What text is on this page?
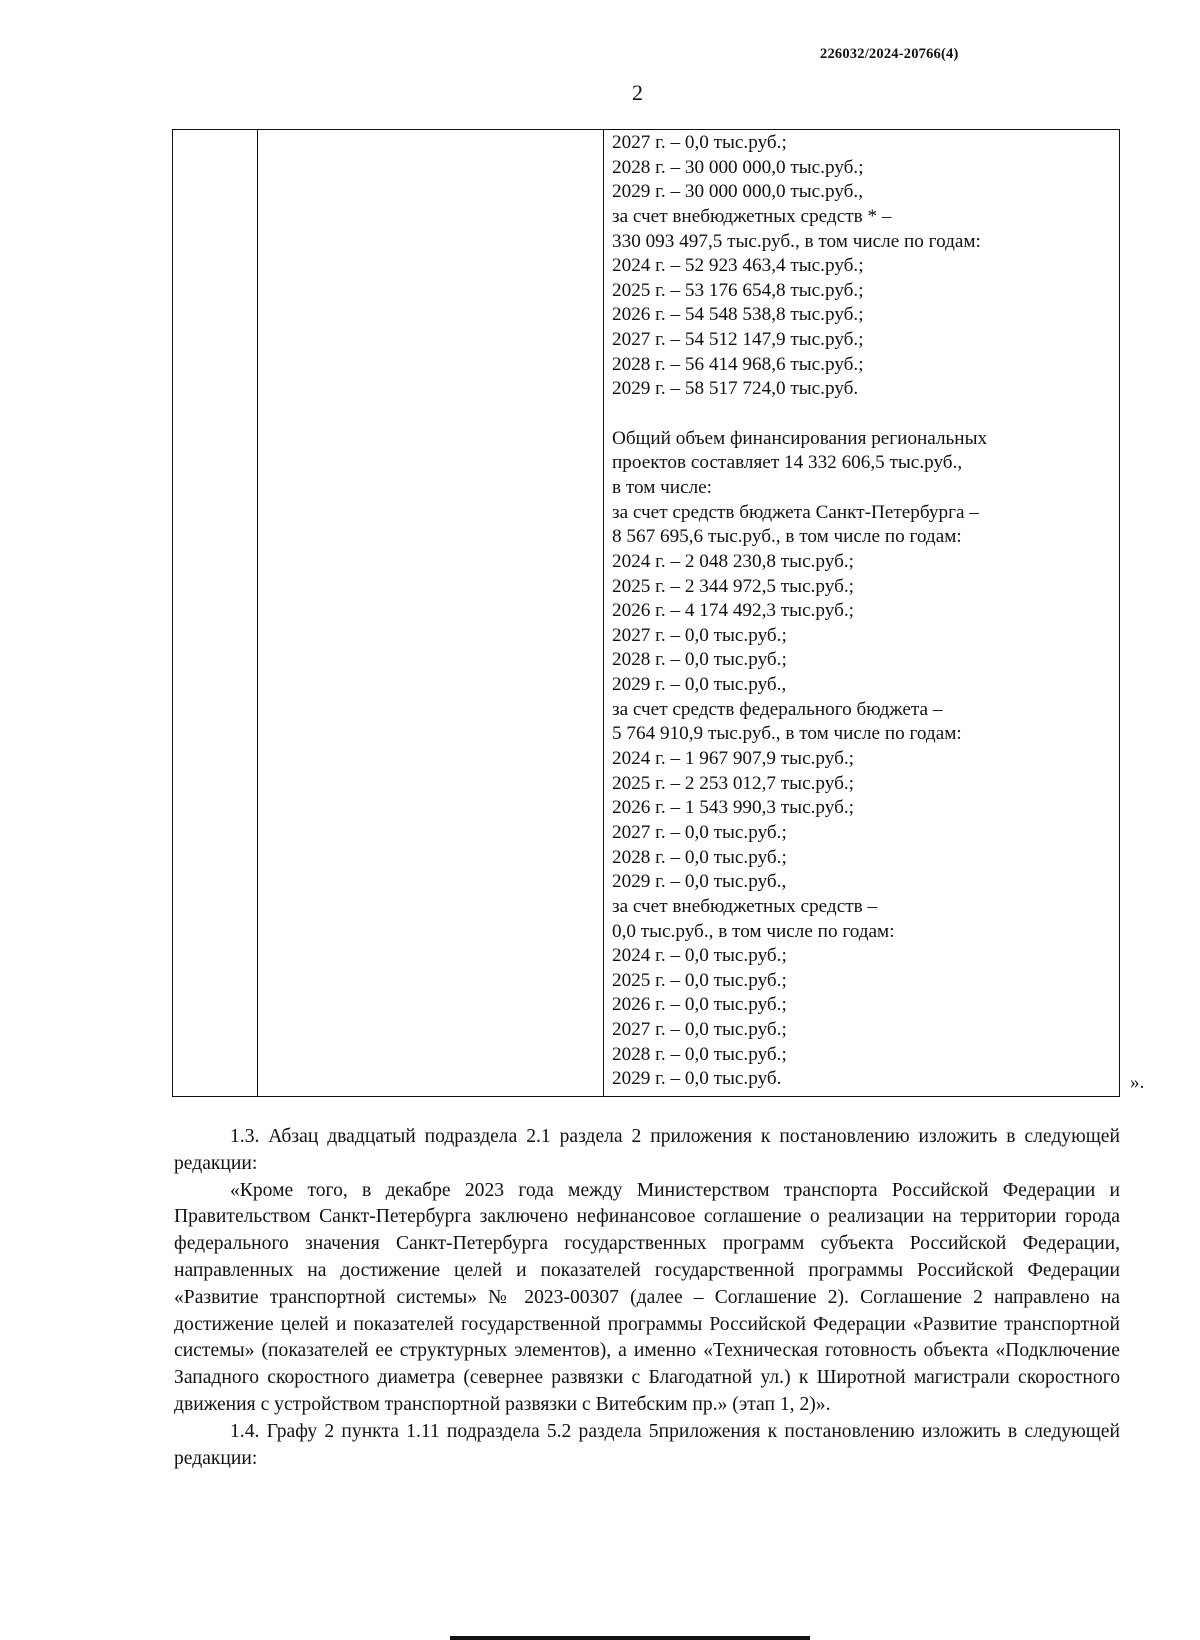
226032/2024-20766(4)
2
2027 г. – 0,0 тыс.руб.;
2028 г. – 30 000 000,0 тыс.руб.;
2029 г. – 30 000 000,0 тыс.руб.,
за счет внебюджетных средств * –
330 093 497,5 тыс.руб., в том числе по годам:
2024 г. – 52 923 463,4 тыс.руб.;
2025 г. – 53 176 654,8 тыс.руб.;
2026 г. – 54 548 538,8 тыс.руб.;
2027 г. – 54 512 147,9 тыс.руб.;
2028 г. – 56 414 968,6 тыс.руб.;
2029 г. – 58 517 724,0 тыс.руб.
Общий объем финансирования региональных
проектов составляет 14 332 606,5 тыс.руб.,
в том числе:
за счет средств бюджета Санкт-Петербурга –
8 567 695,6 тыс.руб., в том числе по годам:
2024 г. – 2 048 230,8 тыс.руб.;
2025 г. – 2 344 972,5 тыс.руб.;
2026 г. – 4 174 492,3 тыс.руб.;
2027 г. – 0,0 тыс.руб.;
2028 г. – 0,0 тыс.руб.;
2029 г. – 0,0 тыс.руб.,
за счет средств федерального бюджета –
5 764 910,9 тыс.руб., в том числе по годам:
2024 г. – 1 967 907,9 тыс.руб.;
2025 г. – 2 253 012,7 тыс.руб.;
2026 г. – 1 543 990,3 тыс.руб.;
2027 г. – 0,0 тыс.руб.;
2028 г. – 0,0 тыс.руб.;
2029 г. – 0,0 тыс.руб.,
за счет внебюджетных средств –
0,0 тыс.руб., в том числе по годам:
2024 г. – 0,0 тыс.руб.;
2025 г. – 0,0 тыс.руб.;
2026 г. – 0,0 тыс.руб.;
2027 г. – 0,0 тыс.руб.;
2028 г. – 0,0 тыс.руб.;
2029 г. – 0,0 тыс.руб.	».

1.3. Абзац двадцатый подраздела 2.1 раздела 2 приложения к постановлению изложить в следующей редакции:

«Кроме того, в декабре 2023 года между Министерством транспорта Российской Федерации и Правительством Санкт-Петербурга заключено нефинансовое соглашение о реализации на территории города федерального значения Санкт-Петербурга государственных программ субъекта Российской Федерации, направленных на достижение целей и показателей государственной программы Российской Федерации «Развитие транспортной системы» № 2023-00307 (далее – Соглашение 2). Соглашение 2 направлено на достижение целей и показателей государственной программы Российской Федерации «Развитие транспортной системы» (показателей ее структурных элементов), а именно «Техническая готовность объекта «Подключение Западного скоростного диаметра (севернее развязки с Благодатной ул.) к Широтной магистрали скоростного движения с устройством транспортной развязки с Витебским пр.» (этап 1, 2)».

1.4. Графу 2 пункта 1.11 подраздела 5.2 раздела 5приложения к постановлению изложить в следующей редакции:
